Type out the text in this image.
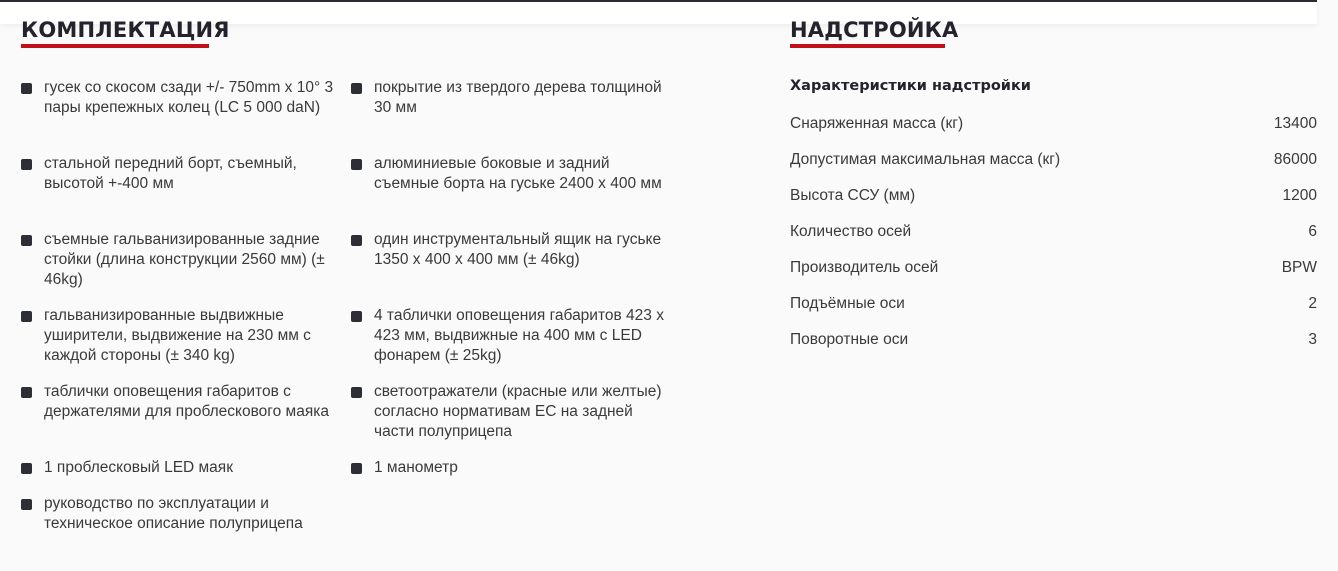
КОМПЛЕКТАЦИЯ
гусек со скосом сзади +/- 750mm x 10° 3 пары крепежных колец (LC 5 000 daN)
стальной передний борт, съемный, высотой +-400 мм
съемные гальванизированные задние стойки (длина конструкции 2560 мм) (± 46kg)
гальванизированные выдвижные уширители, выдвижение на 230 мм с каждой стороны (± 340 kg)
таблички оповещения габаритов с держателями для проблескового маяка
1 проблесковый LED маяк
руководство по эксплуатации и техническое описание полуприцепа
покрытие из твердого дерева толщиной 30 мм
алюминиевые боковые и задний съемные борта на гуське 2400 x 400 мм
один инструментальный ящик на гуське 1350 x 400 x 400 мм (± 46kg)
4 таблички оповещения габаритов 423 x 423 мм, выдвижные на 400 мм с LED фонарем (± 25kg)
светоотражатели (красные или желтые) согласно нормативам ЕС на задней части полуприцепа
1 манометр
НАДСТРОЙКА
Характеристики надстройки
Снаряженная масса (кг)	13400
Допустимая максимальная масса (кг)	86000
Высота ССУ (мм)	1200
Количество осей	6
Производитель осей	BPW
Подъёмные оси	2
Поворотные оси	3
